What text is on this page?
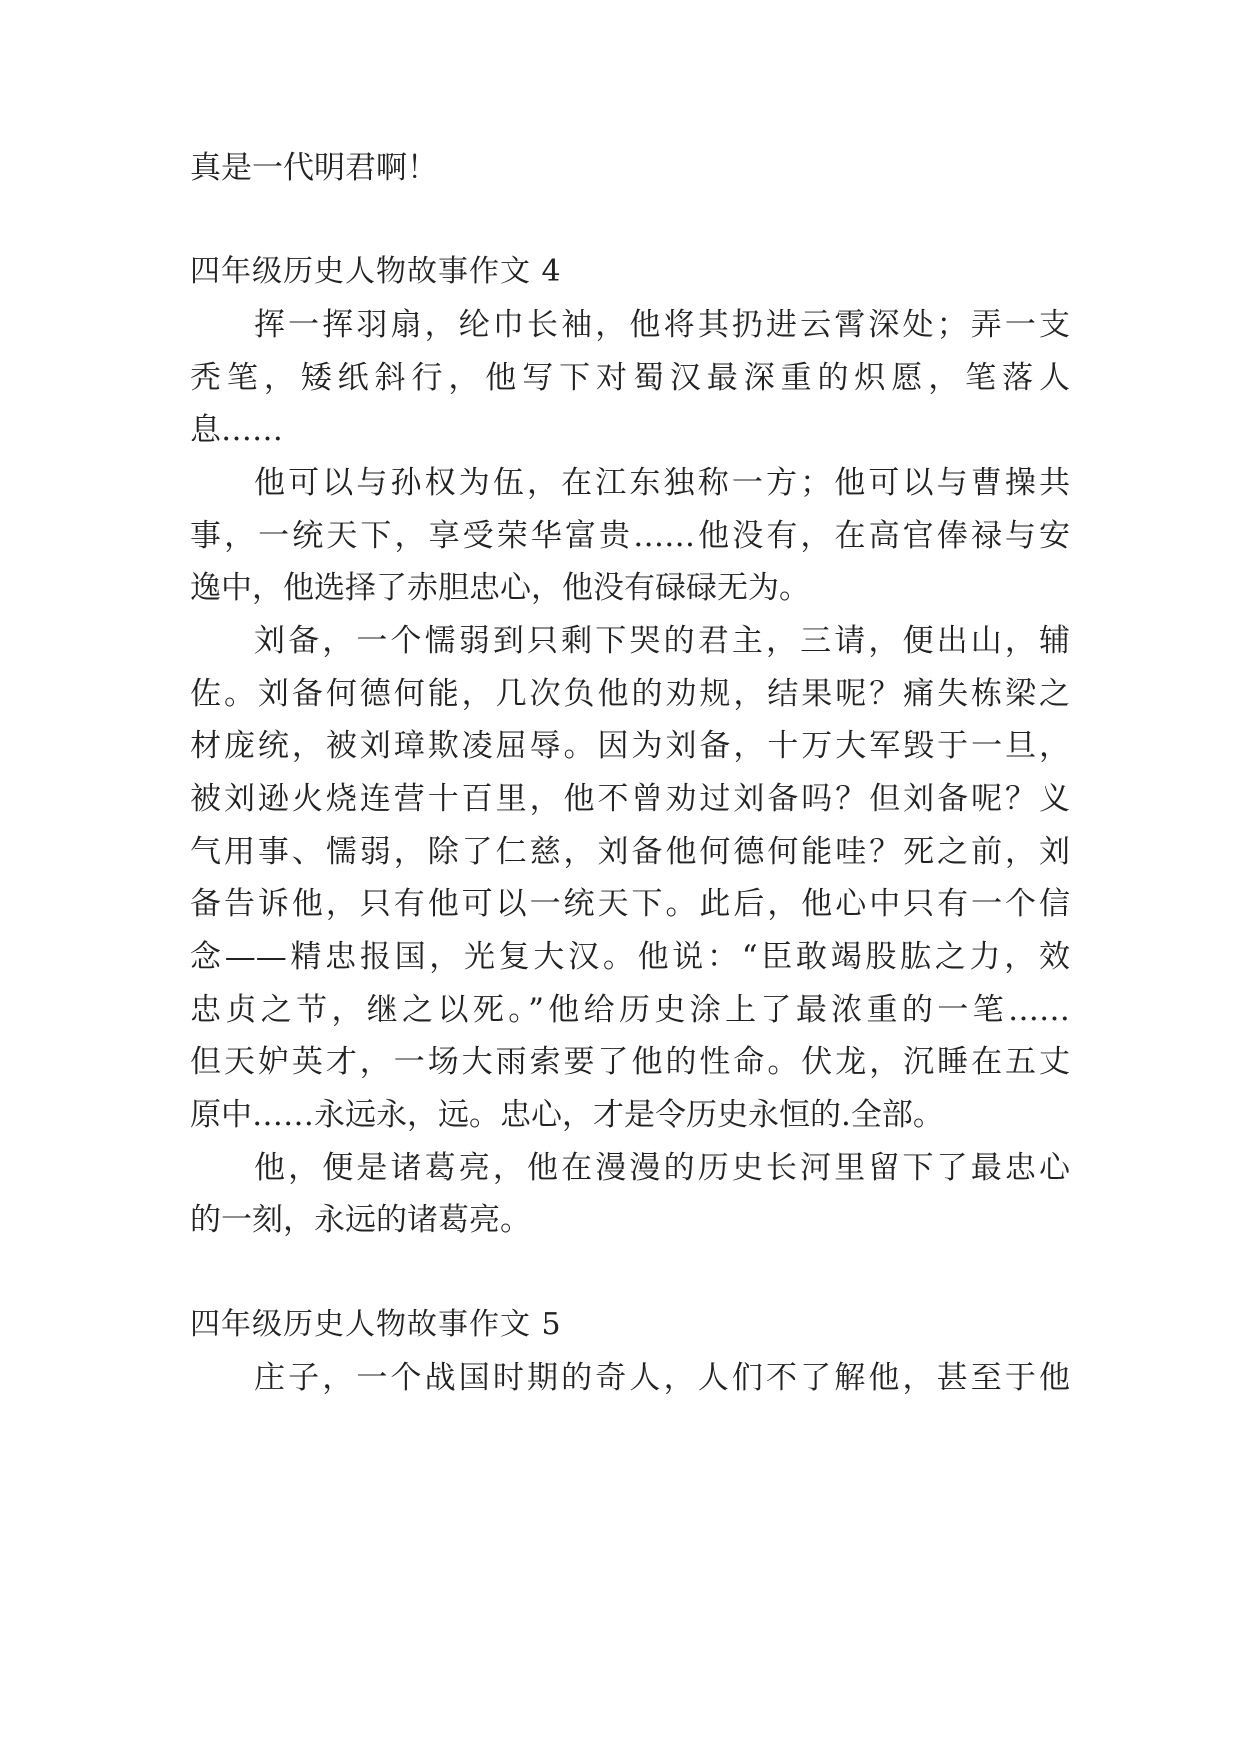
真是一代明君啊！
四年级历史人物故事作文 4
挥一挥羽扇，纶巾长袖，他将其扔进云霄深处；弄一支
秃笔，矮纸斜行，他写下对蜀汉最深重的炽愿，笔落人
息……
他可以与孙权为伍，在江东独称一方；他可以与曹操共
事，一统天下，享受荣华富贵……他没有，在高官俸禄与安
逸中，他选择了赤胆忠心，他没有碌碌无为。
刘备，一个懦弱到只剩下哭的君主，三请，便出山，辅
佐。刘备何德何能，几次负他的劝规，结果呢？痛失栋梁之
材庞统，被刘璋欺凌屈辱。因为刘备，十万大军毁于一旦，
被刘逊火烧连营十百里，他不曾劝过刘备吗？但刘备呢？义
气用事、懦弱，除了仁慈，刘备他何德何能哇？死之前，刘
备告诉他，只有他可以一统天下。此后，他心中只有一个信
念——精忠报国，光复大汉。他说：“臣敢竭股肱之力，效
忠贞之节，继之以死。”他给历史涂上了最浓重的一笔……
但天妒英才，一场大雨索要了他的性命。伏龙，沉睡在五丈
原中……永远永，远。忠心，才是令历史永恒的.全部。
他，便是诸葛亮，他在漫漫的历史长河里留下了最忠心
的一刻，永远的诸葛亮。
四年级历史人物故事作文 5
庄子，一个战国时期的奇人，人们不了解他，甚至于他
